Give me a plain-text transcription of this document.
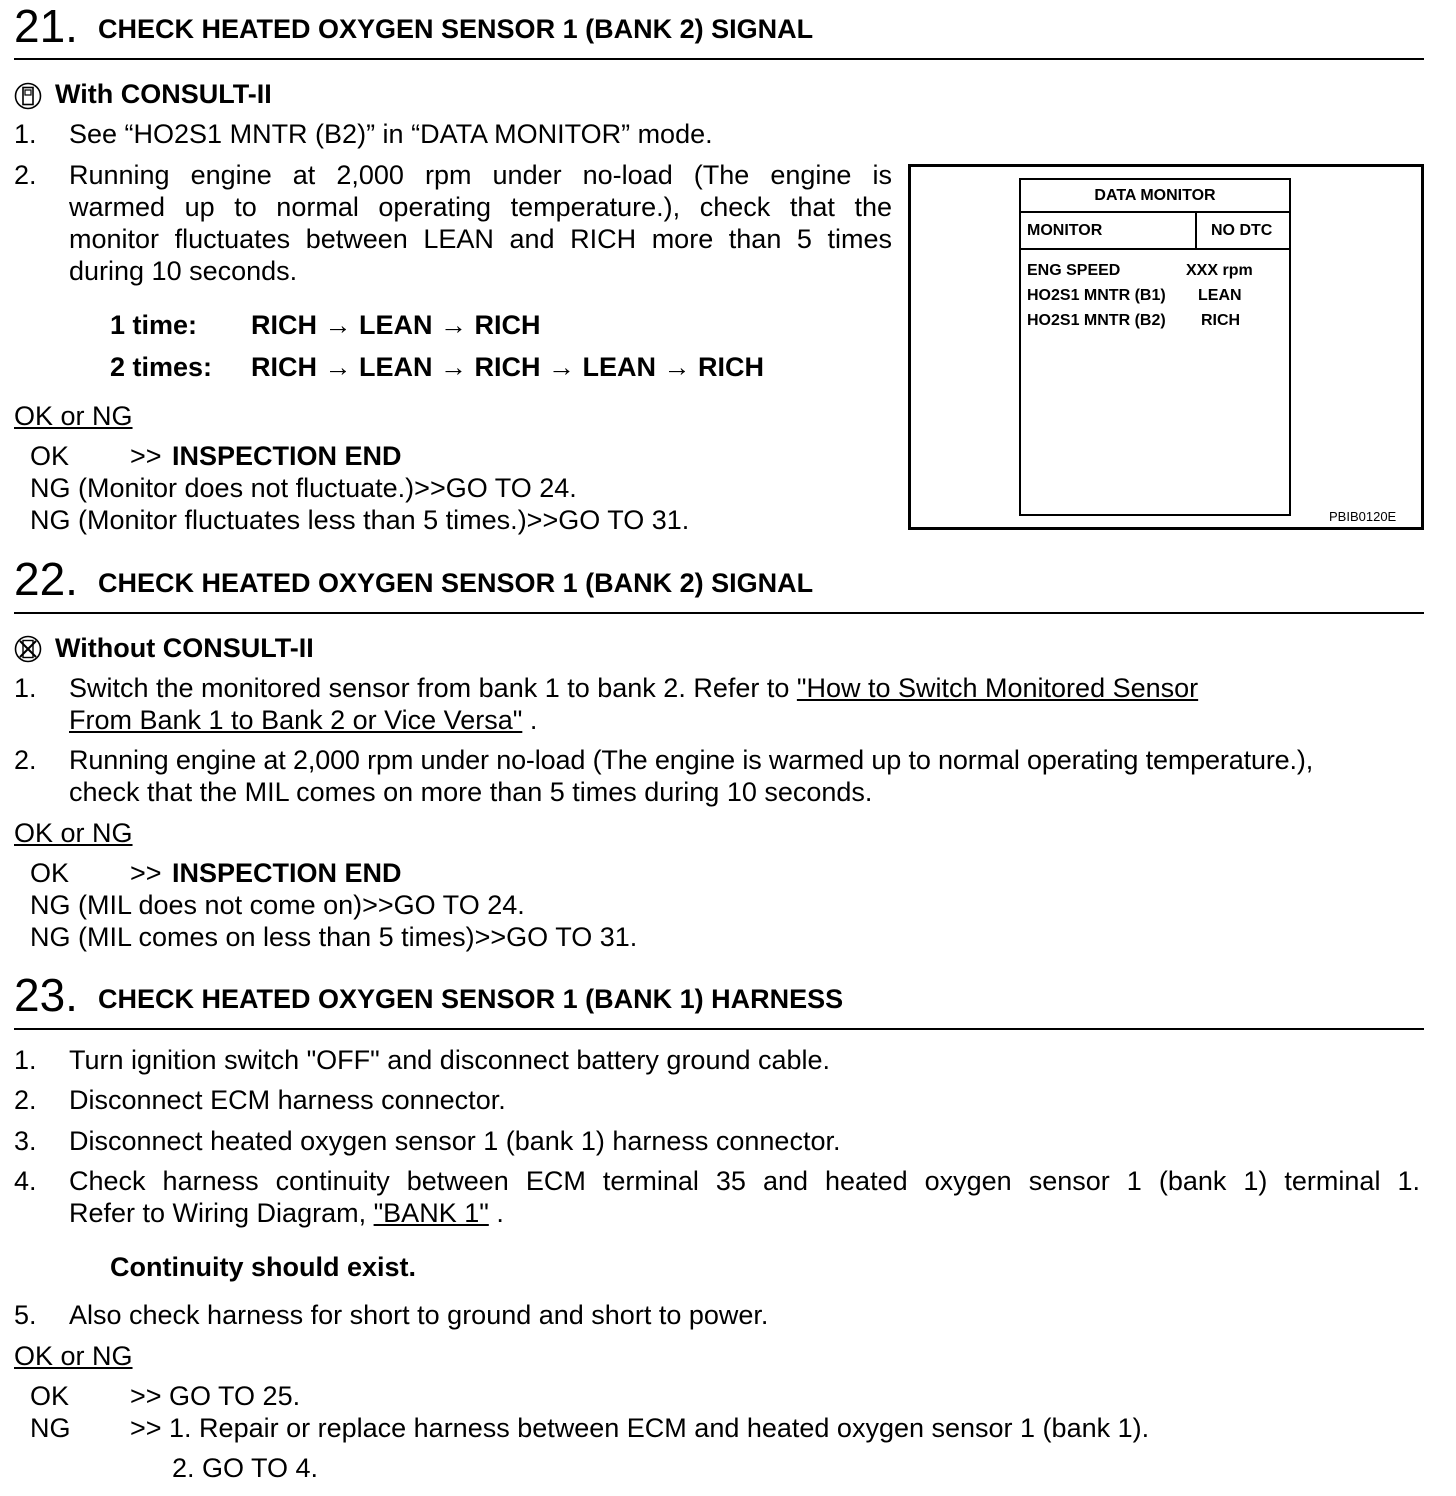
21. CHECK HEATED OXYGEN SENSOR 1 (BANK 2) SIGNAL
With CONSULT-II
1. See “HO2S1 MNTR (B2)” in “DATA MONITOR” mode.
2. Running engine at 2,000 rpm under no-load (The engine is
warmed up to normal operating temperature.), check that the
monitor fluctuates between LEAN and RICH more than 5 times
during 10 seconds.
1 time: RICH → LEAN → RICH
2 times: RICH → LEAN → RICH → LEAN → RICH
OK or NG
OK >> INSPECTION END
NG (Monitor does not fluctuate.)>>GO TO 24.
NG (Monitor fluctuates less than 5 times.)>>GO TO 31.
DATA MONITOR
MONITOR	NO DTC
ENG SPEED	XXX rpm
HO2S1 MNTR (B1) LEAN
HO2S1 MNTR (B2) RICH
PBIB0120E
22. CHECK HEATED OXYGEN SENSOR 1 (BANK 2) SIGNAL
Without CONSULT-II
1. Switch the monitored sensor from bank 1 to bank 2. Refer to "How to Switch Monitored Sensor
From Bank 1 to Bank 2 or Vice Versa" .
2. Running engine at 2,000 rpm under no-load (The engine is warmed up to normal operating temperature.),
check that the MIL comes on more than 5 times during 10 seconds.
OK or NG
OK >> INSPECTION END
NG (MIL does not come on)>>GO TO 24.
NG (MIL comes on less than 5 times)>>GO TO 31.
23. CHECK HEATED OXYGEN SENSOR 1 (BANK 1) HARNESS
1. Turn ignition switch "OFF" and disconnect battery ground cable.
2. Disconnect ECM harness connector.
3. Disconnect heated oxygen sensor 1 (bank 1) harness connector.
4. Check harness continuity between ECM terminal 35 and heated oxygen sensor 1 (bank 1) terminal 1.
Refer to Wiring Diagram, "BANK 1" .
Continuity should exist.
5. Also check harness for short to ground and short to power.
OK or NG
OK >> GO TO 25.
NG >> 1. Repair or replace harness between ECM and heated oxygen sensor 1 (bank 1).
2. GO TO 4.
